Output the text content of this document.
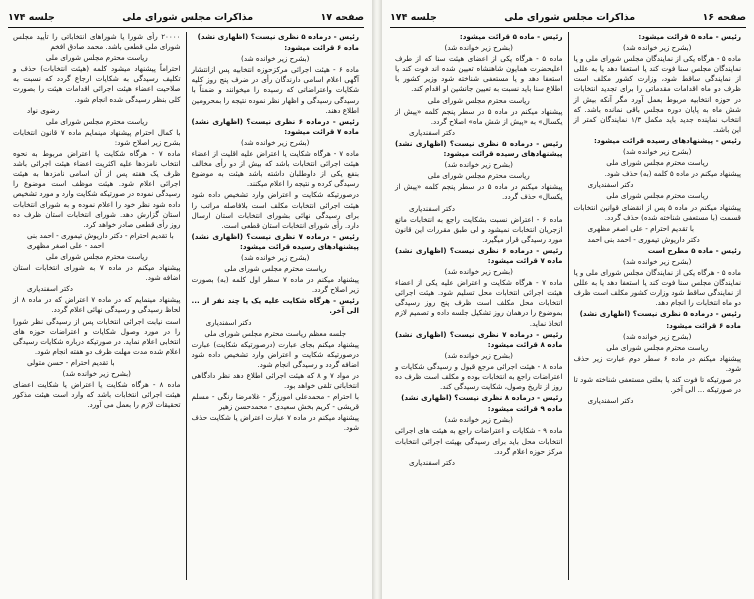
صفحه ۱۷
مذاکرات مجلس شورای ملی
جلسه ۱۷۴

رئیس - درماده ۵ نظری نیست؟ (اظهاری نشد)

ماده ۶ قرائت میشود:

(بشرح زیر خوانده شد)

ماده ۶ - هیئت اجرائی مرکزحوزه انتخابیه پس ازانتشار آگهی اعلام اسامی دارندگان رأی در ضرف پنج روز کلیه شکایات واعتراضاتی که رسیده را میخوانند و ضمناً با رسیدگی رسیدگی و اظهار نظر نموده نتیجه را بمحرومین اطلاع دهند.

رئیس - درماده ۶ نظری نیست؟ (اظهاری نشد) ماده ۷ قرائت میشود:

(بشرح زیر خوانده شد)

ماده ۷ - هرگاه شکایت یا اعتراض علیه اقلیت از اعضاء هیئت اجرائی انتخابات باشد که بیش از دو رأی مخالف بنفع یکی از داوطلبان داشته باشد هیئت به موضوع رسیدگی کرده و نتیجه را اعلام میکنند.

درصورتیکه شکایت و اعتراض وارد تشخیص داده شود هیئت اجرائی انتخابات مکلف است بلافاصله مراتب را برای رسیدگی نهائی بشورای انتخابات استان ارسال دارد. رأی شورای انتخابات استان قطعی است.

رئیس - درماده ۷ نظری نیست؟ (اظهاری نشد) پیشنهادهای رسیده قرائت میشود:

(بشرح زیر خوانده شد)

ریاست محترم مجلس شورای ملی

پیشنهاد میکنم در ماده ۷ سطر اول کلمه (به) بصورت زیر اصلاح گردد.

رئیس - هرگاه شکایت علیه یک یا چند نفر از ... الی آخر.

دکتر اسفندیاری

جلسه معظم ریاست محترم مجلس شورای ملی

پیشنهاد میکنم بجای عبارت (درصورتیکه شکایت) عبارت درصورتیکه شکایت و اعتراض وارد تشخیص داده شود اضافه گردد و رسیدگی انجام شود.

در مواد ۷ و ۸ که هیئت اجرائی اطلاع دهد نظر دادگاهی انتخاباتی تلقی خواهد بود.

با احترام - محمدعلی امورزگر - غلامرضا رنگی - مسلم قریشی - کریم بخش سعیدی - محمدحسن زهیر

پیشنهاد میکنم در ماده ۷ عبارت اعتراض یا شکایت حذف شود.

۲۰۰۰۰ رأی شورا یا شوراهای انتخاباتی را تأیید مجلس شورای ملی قطعی باشد. محمد صادق افخم

ریاست محترم مجلس شورای ملی

احتراماً پیشنهاد میشود کلمه (هیئت انتخابات) حذف و تکلیف رسیدگی به شکایات ارجاع گردد که نسبت به صلاحیت اعضاء هیئت اجرائی اقدامات هیئت را بصورت کلی بنظر رسیدگی شده انجام شود.

رضوی نواد

ریاست محترم مجلس شورای ملی

با کمال احترام پیشنهاد مینمایم ماده ۷ قانون انتخابات بشرح زیر اصلاح شود:

ماده ۷ - هرگاه شکایت یا اعتراض مربوط به نحوه انتخاب نامزدها علیه اکثریت اعضاء هیئت اجرائی باشد ظرف یک هفته پس از آن اسامی نامزدها به هیئت اجرائی اعلام شود. هیئت موظف است موضوع را رسیدگی نموده در صورتیکه شکایت وارد و مورد تشخیص داده شود نظر خود را اعلام نموده و به شورای انتخابات استان گزارش دهد. شورای انتخابات استان ظرف ده روز رأی قطعی صادر خواهد کرد.

با تقدیم احترام - دکتر داریوش تیموری - احمد بنی احمد - علی اصغر مظهری

ریاست محترم مجلس شورای ملی

پیشنهاد میکنم در ماده ۷ به شورای انتخابات استان اضافه شود.

دکتر اسفندیاری

پیشنهاد مینمایم که در ماده ۷ اعتراض که در ماده ۸ از لحاظ رسیدگی و رسیدگی نهائی اعلام گردد.

است نیابت اجرائی انتخابات پس از رسیدگی نظر شورا را در مورد وصول شکایات و اعتراضات حوزه های انتخابی اعلام نماید. در صورتیکه درباره شکایات رسیدگی اعلام شده مدت مهلت ظرف دو هفته انجام شود.

با تقدیم احترام - حسن متولی

(بشرح زیر خوانده شد)

ماده ۸ - هرگاه شکایت یا اعتراض یا شکایت اعضای هیئت اجرائی انتخابات باشد که وارد است هیئت مذکور تحقیقات لازم را بعمل می آورد.

صفحه ۱۶
مذاکرات مجلس شورای ملی
جلسه ۱۷۴

رئیس - ماده ۵ قرائت میشود:

(بشرح زیر خوانده شد)

ماده ۵ - هرگاه یکی از نمایندگان مجلس شورای ملی و یا نمایندگان مجلس سنا فوت کند یا استعفا دهد یا به عللی از نمایندگی ساقط شود، وزارت کشور مکلف است ظرف دو ماه اقدامات مقدماتی را برای تجدید انتخابات در حوزه انتخابیه مربوط بعمل آورد مگر آنکه بیش از شش ماه به پایان دوره مجلس باقی نمانده باشد. که انتخاب نماینده جدید باید مکمل ۱/۳ نمایندگان کمتر از این باشد.

رئیس - پیشنهادهای رسیده قرائت میشود:

(بشرح زیر خوانده شد)

ریاست محترم مجلس شورای ملی

پیشنهاد میکنم در ماده ۵ کلمه (به) حذف شود.

دکتر اسفندیاری

ریاست محترم مجلس شورای ملی

پیشنهاد میکنم در ماده ۵ پس از انقضای قوانین انتخابات قسمت (با مستعفی شناخته شده) حذف گردد.

با تقدیم احترام - علی اصغر مظهری

دکتر داریوش تیموری - احمد بنی احمد

رئیس - ماده ۵ مطرح است

(بشرح زیر خوانده شد)

ماده ۵ - هرگاه یکی از نمایندگان مجلس شورای ملی و یا نمایندگان مجلس سنا فوت کند یا استعفا دهد یا به عللی از نمایندگی ساقط شود وزارت کشور مکلف است ظرف دو ماه انتخابات را انجام دهد.

رئیس - درماده ۵ نظری نیست؟ (اظهاری نشد)

ماده ۶ قرائت میشود:

(بشرح زیر خوانده شد)

ریاست محترم مجلس شورای ملی

پیشنهاد میکنم در ماده ۶ سطر دوم عبارت زیر حذف شود.

در صورتیکه تا فوت کند یا بعلتی مستعفی شناخته شود تا در صورتیکه ... الی آخر.

دکتر اسفندیاری

رئیس - ماده ۵ قرائت میشود:

(بشرح زیر خوانده شد)

ماده ۵ - هرگاه یکی از اعضای هیئت سنا که از طرف اعلیحضرت همایون شاهنشاه تعیین شده اند فوت کند یا استعفا دهد و یا مستعفی شناخته شود وزیر کشور با اطلاع سنا باید نسبت به تعیین جانشین او اقدام کند.

ریاست محترم مجلس شورای ملی

پیشنهاد میکنم در ماده ۵ در سطر پنجم کلمه «پیش از یکسال» به «پیش از شش ماه» اصلاح گردد.

دکتر اسفندیاری

رئیس - درماده ۵ نظری نیست؟ (اظهاری نشد) پیشنهادهای رسیده قرائت میشود:

(بشرح زیر خوانده شد)

ریاست محترم مجلس شورای ملی

پیشنهاد میکنم در ماده ۵ در سطر پنجم کلمه «پیش از یکسال» حذف گردد.

دکتر اسفندیاری

ماده ۶ - اعتراض نسبت بشکایت راجع به انتخابات مانع ازجریان انتخابات نمیشود و لی طبق مقررات این قانون مورد رسیدگی قرار میگیرد.

رئیس - درماده ۶ نظری نیست؟ (اظهاری نشد) ماده ۷ قرائت میشود:

(بشرح زیر خوانده شد)

ماده ۷ - هرگاه شکایت و اعتراض علیه یکی از اعضاء هیئت اجرائی انتخابات محل تسلیم شود. هیئت اجرائی انتخابات محل مکلف است ظرف پنج روز رسیدگی بموضوع را درهمان روز تشکیل جلسه داده و تصمیم لازم اتخاذ نماید.

رئیس - درماده ۷ نظری نیست؟ (اظهاری نشد) ماده ۸ قرائت میشود:

(بشرح زیر خوانده شد)

ماده ۸ - هیئت اجرائی مرجع قبول و رسیدگی شکایات و اعتراضات راجع به انتخابات بوده و مکلف است ظرف ده روز از تاریخ وصول، شکایت رسیدگی کند.

رئیس - درماده ۸ نظری نیست؟ (اظهاری نشد)

ماده ۹ قرائت میشود:

(بشرح زیر خوانده شد)

ماده ۹ - شکایات و اعتراضات راجع به هیئت های اجرائی انتخابات محل باید برای رسیدگی بهیئت اجرائی انتخابات مرکز حوزه اعلام گردد.

دکتر اسفندیاری
